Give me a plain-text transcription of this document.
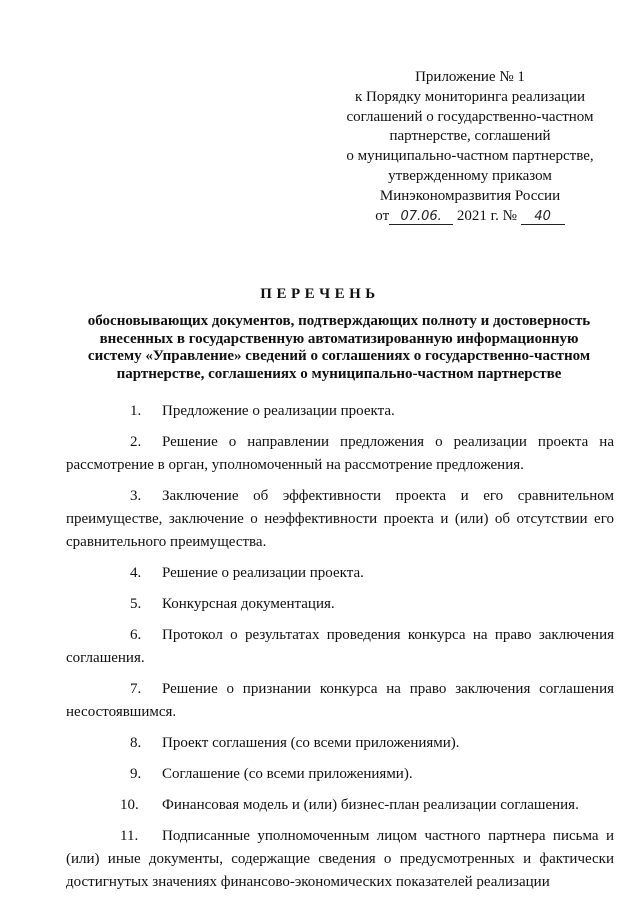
Приложение № 1
к Порядку мониторинга реализации
соглашений о государственно-частном
партнерстве, соглашений
о муниципально-частном партнерстве,
утвержденному приказом
Минэкономразвития России
от 07.06. 2021 г. № 40
ПЕРЕЧЕНЬ
обосновывающих документов, подтверждающих полноту и достоверность
внесенных в государственную автоматизированную информационную
систему «Управление» сведений о соглашениях о государственно-частном
партнерстве, соглашениях о муниципально-частном партнерстве

1. Предложение о реализации проекта.

2. Решение о направлении предложения о реализации проекта на рассмотрение в орган, уполномоченный на рассмотрение предложения.

3. Заключение об эффективности проекта и его сравнительном преимуществе, заключение о неэффективности проекта и (или) об отсутствии его сравнительного преимущества.

4. Решение о реализации проекта.

5. Конкурсная документация.

6. Протокол о результатах проведения конкурса на право заключения соглашения.

7. Решение о признании конкурса на право заключения соглашения несостоявшимся.

8. Проект соглашения (со всеми приложениями).

9. Соглашение (со всеми приложениями).

10. Финансовая модель и (или) бизнес-план реализации соглашения.

11. Подписанные уполномоченным лицом частного партнера письма и (или) иные документы, содержащие сведения о предусмотренных и фактически достигнутых значениях финансово-экономических показателей реализации
